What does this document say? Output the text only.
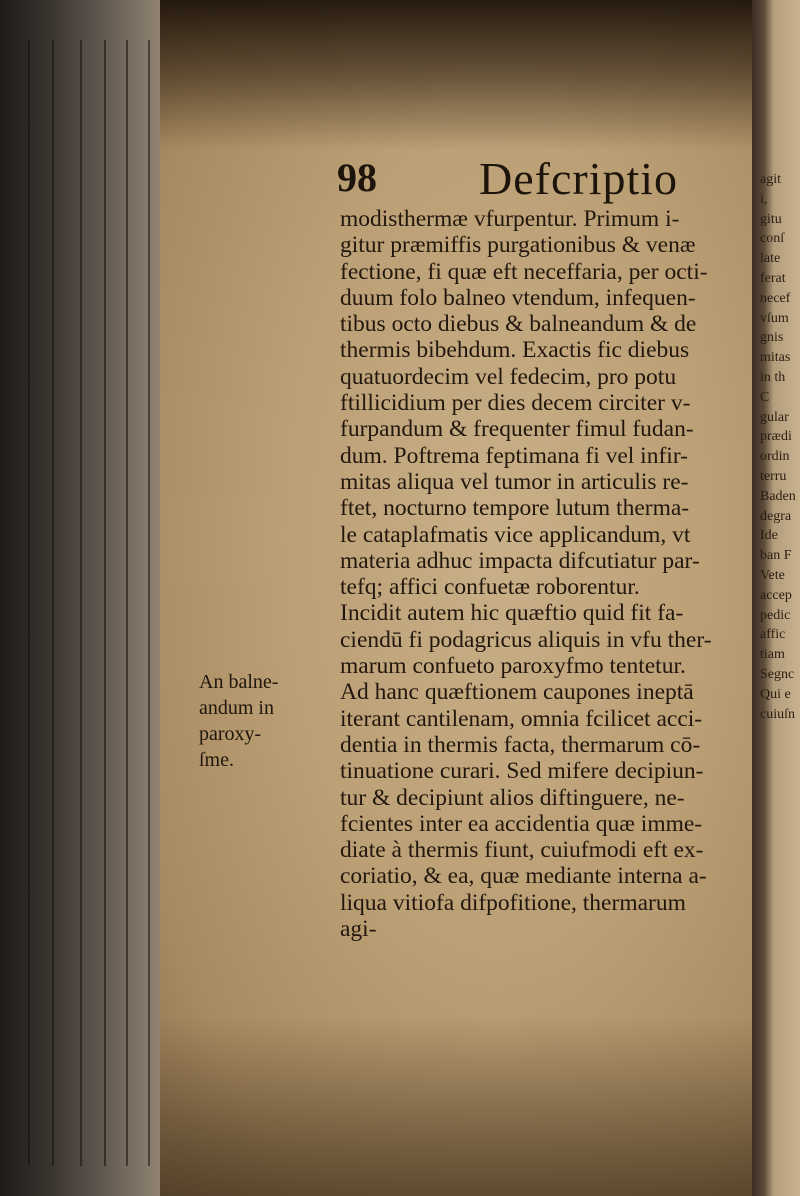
98 Defcriptio
modisthermæ vfurpentur. Primum i-
gitur præmiffis purgationibus & venæ
fectione, fi quæ eft neceffaria, per octi-
duum folo balneo vtendum, infequen-
tibus octo diebus & balneandum & de
thermis bibehdum. Exactis fic diebus
quatuordecim vel fedecim, pro potu
ftillicidium per dies decem circiter v-
furpandum & frequenter fimul fudan-
dum. Poftrema feptimana fi vel infir-
mitas aliqua vel tumor in articulis re-
ftet, nocturno tempore lutum therma-
le cataplafmatis vice applicandum, vt
materia adhuc impacta difcutiatur par-
tefq; affici confuetæ roborentur.
Incidit autem hic quæftio quid fit fa-
ciendū fi podagricus aliquis in vfu ther-
marum confueto paroxyfmo tentetur.
Ad hanc quæftionem caupones ineptā
iterant cantilenam, omnia fcilicet acci-
dentia in thermis facta, thermarum cō-
tinuatione curari. Sed mifere decipiun-
tur & decipiunt alios diftinguere, ne-
fcientes inter ea accidentia quæ imme-
diate à thermis fiunt, cuiufmodi eft ex-
coriatio, & ea, quæ mediante interna a-
liqua vitiofa difpofitione, thermarum
agi-
An balne-
andum in
paroxy-
ſme.
agit
i,
gitu
conſ
late
ferat
necef
vſum
gnis
mitas
in th
C
gular
prædi
ordin
terru
Baden
degra
Ide
ban F
Vete
accep
pedic
affic
tiam
Segnc
Qui e
cuiuſn
